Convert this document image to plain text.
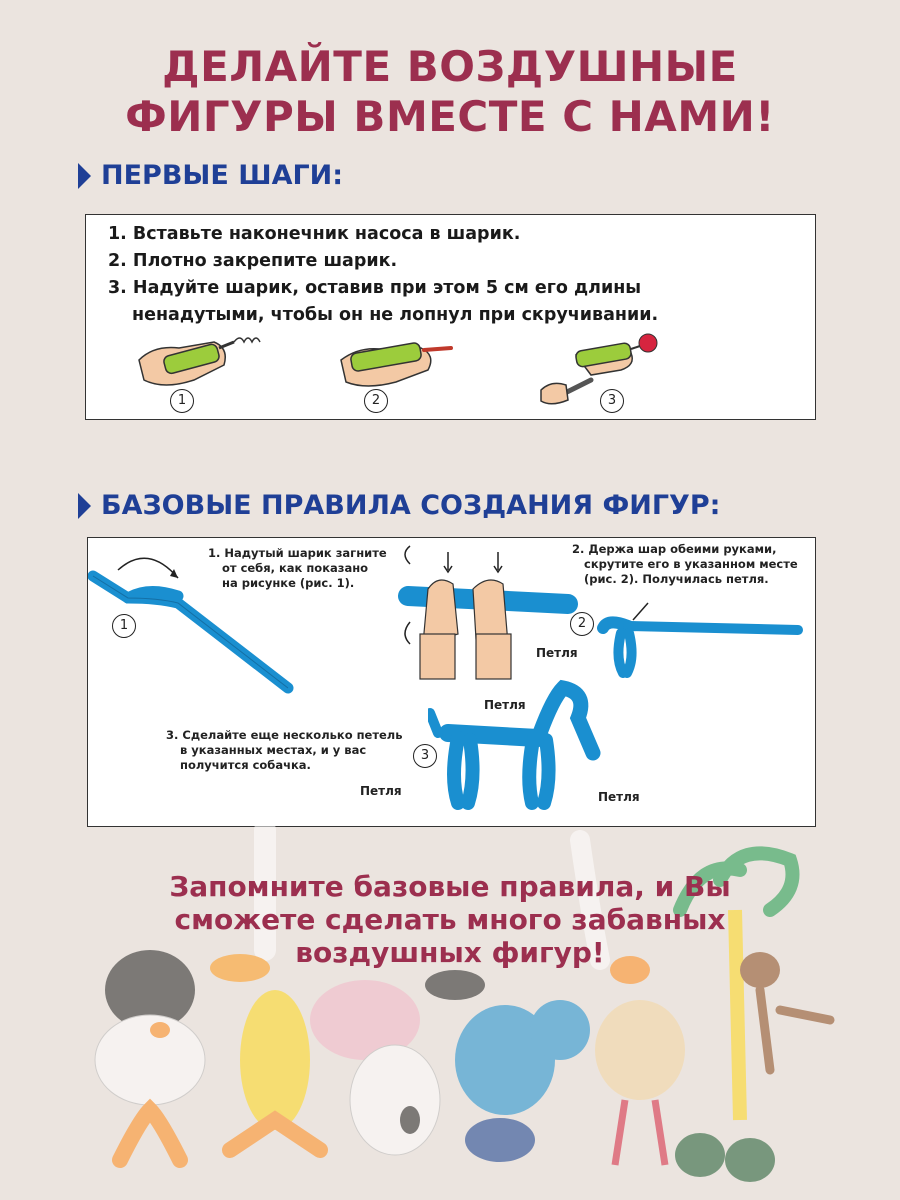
ДЕЛАЙТЕ ВОЗДУШНЫЕ
ФИГУРЫ ВМЕСТЕ С НАМИ!
ПЕРВЫЕ ШАГИ:
1. Вставьте наконечник насоса в шарик.
2. Плотно закрепите шарик.
3. Надуйте шарик, оставив при этом 5 см его длины
ненадутыми, чтобы он не лопнул при скручивании.
1	2	3
БАЗОВЫЕ ПРАВИЛА СОЗДАНИЯ ФИГУР:
1. Надутый шарик загните
от себя, как показано
на рисунке (рис. 1).
1
2. Держа шар обеими руками,
скрутите его в указанном месте
(рис. 2). Получилась петля.
2
Петля
3. Сделайте еще несколько петель
в указанных местах, и у вас
получится собачка.
3
Петля
Петля	Петля
Запомните базовые правила, и Вы
сможете сделать много забавных
воздушных фигур!
